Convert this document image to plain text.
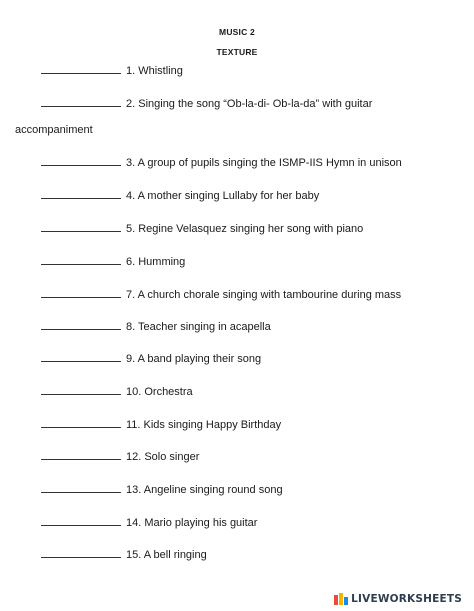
MUSIC 2
TEXTURE
1. Whistling
2. Singing the song “Ob-la-di- Ob-la-da” with guitar
accompaniment
3. A group of pupils singing the ISMP-IIS Hymn in unison
4. A mother singing Lullaby for her baby
5. Regine Velasquez singing her song with piano
6. Humming
7. A church chorale singing with tambourine during mass
8. Teacher singing in acapella
9. A band playing their song
10. Orchestra
11. Kids singing Happy Birthday
12. Solo singer
13. Angeline singing round song
14. Mario playing his guitar
15. A bell ringing
LIVEWORKSHEETS
